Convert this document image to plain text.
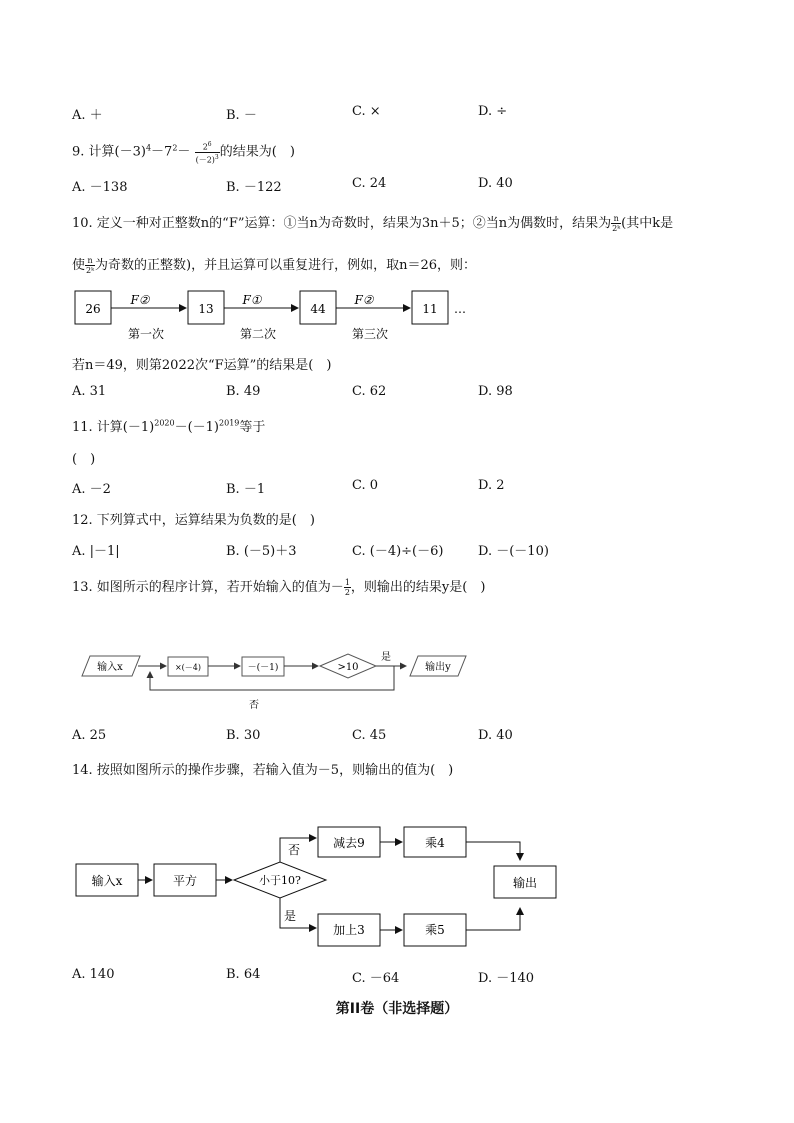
A. ＋	B. －	C. ×	D. ÷
9. 计算$(-3)^4-7^2- \frac{2^6}{(-2)^3}$ 的结果为(　)
A. －138	B. －122	C. 24	D. 40
10. 定义一种对正整数n的“F”运算：①当n为奇数时，结果为3n＋5；②当n为偶数时，结果为 $\frac{n}{\text{2ᵏ}}$ (其中k是
使 $\frac{n}{\text{2ᵏ}}$ 为奇数的正整数)，并且运算可以重复进行，例如，取n＝26，则：
26	13	44	11
F②	F①	F②
第一次	第二次	第三次
…
若n＝49，则第2022次“F运算”的结果是(　)
A. 31	B. 49	C. 62	D. 98
11. 计算$(-1)^{2020}-(-1)^{2019}$等于
(　)
A. －2	B. －1	C. 0	D. 2
12. 下列算式中，运算结果为负数的是(　)
A. |－1|	B. (－5)＋3	C. (－4)÷(－6)	D. －(－10)
13. 如图所示的程序计算，若开始输入的值为－ $\frac{1}{2}$ ，则输出的结果y是(　)
输入x	×(－4)	－(－1)	>10
是
输出y
否
A. 25	B. 30	C. 45	D. 40
14. 按照如图所示的操作步骤，若输入值为－5，则输出的值为(　)
输入x	平方	小于10?
否	减去9	乘4
是
加上3	乘5
输出
A. 140	B. 64	C. －64	D. －140
第II卷（非选择题）
